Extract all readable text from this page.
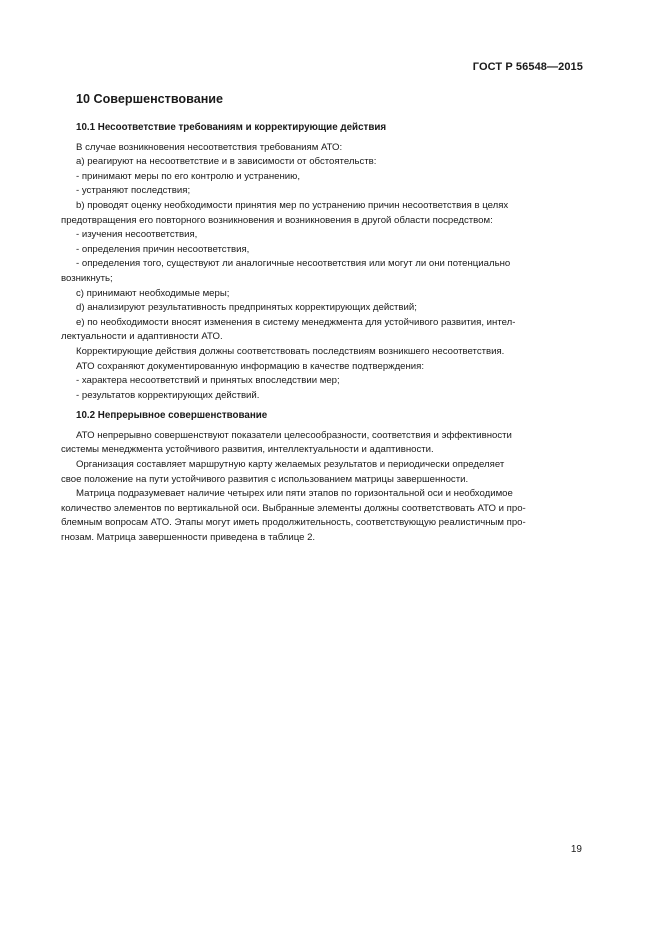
ГОСТ Р 56548—2015
10 Совершенствование
10.1 Несоответствие требованиям и корректирующие действия
В случае возникновения несоответствия требованиям АТО:
а) реагируют на несоответствие и в зависимости от обстоятельств:
- принимают меры по его контролю и устранению,
- устраняют последствия;
b) проводят оценку необходимости принятия мер по устранению причин несоответствия в целях
предотвращения его повторного возникновения и возникновения в другой области посредством:
- изучения несоответствия,
- определения причин несоответствия,
- определения того, существуют ли аналогичные несоответствия или могут ли они потенциально
возникнуть;
c) принимают необходимые меры;
d) анализируют результативность предпринятых корректирующих действий;
е) по необходимости вносят изменения в систему менеджмента для устойчивого развития, интел-
лектуальности и адаптивности АТО.
Корректирующие действия должны соответствовать последствиям возникшего несоответствия.
АТО сохраняют документированную информацию в качестве подтверждения:
- характера несоответствий и принятых впоследствии мер;
- результатов корректирующих действий.
10.2 Непрерывное совершенствование
АТО непрерывно совершенствуют показатели целесообразности, соответствия и эффективности
системы менеджмента устойчивого развития, интеллектуальности и адаптивности.
Организация составляет маршрутную карту желаемых результатов и периодически определяет
свое положение на пути устойчивого развития с использованием матрицы завершенности.
Матрица подразумевает наличие четырех или пяти этапов по горизонтальной оси и необходимое
количество элементов по вертикальной оси. Выбранные элементы должны соответствовать АТО и про-
блемным вопросам АТО. Этапы могут иметь продолжительность, соответствующую реалистичным про-
гнозам. Матрица завершенности приведена в таблице 2.
19
